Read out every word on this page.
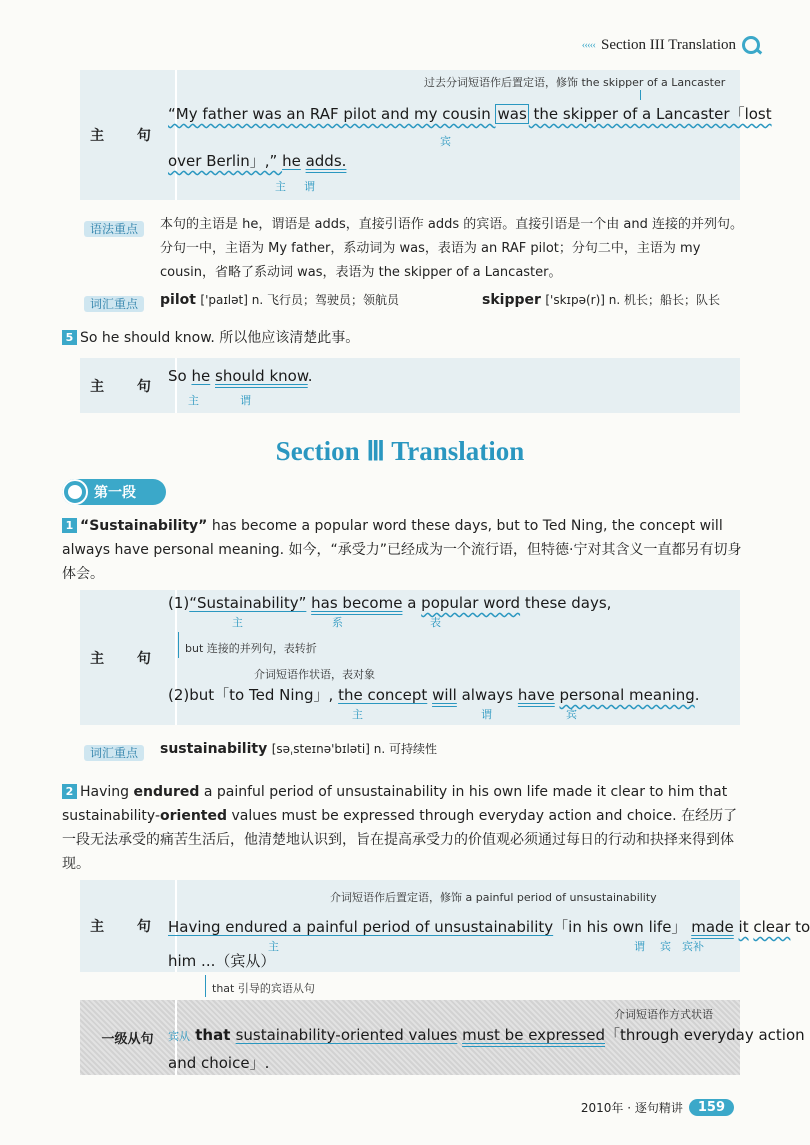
‹‹‹‹‹ Section III Translation
主 句
过去分词短语作后置定语，修饰 the skipper of a Lancaster
“My father was an RAF pilot and my cousin was the skipper of a Lancaster「lost
宾
over Berlin」,” he adds.
主 谓
语法重点	本句的主语是 he，谓语是 adds，直接引语作 adds 的宾语。直接引语是一个由 and 连接的并列句。分句一中，主语为 My father，系动词为 was，表语为 an RAF pilot；分句二中，主语为 my cousin，省略了系动词 was，表语为 the skipper of a Lancaster。
词汇重点	pilot ['paɪlət] n. 飞行员；驾驶员；领航员	skipper ['skɪpə(r)] n. 机长；船长；队长
5 So he should know. 所以他应该清楚此事。
主 句
So he should know.
主	谓
Section Ⅲ Translation
第一段
1 “Sustainability” has become a popular word these days, but to Ted Ning, the concept will always have personal meaning. 如今，“承受力”已经成为一个流行语，但特德·宁对其含义一直都另有切身体会。
主 句
(1)“Sustainability” has become a popular word these days,
主	系	表
but 连接的并列句，表转折
介词短语作状语，表对象
(2)but「to Ted Ning」, the concept will always have personal meaning.
主	谓	宾
词汇重点	sustainability [səˌsteɪnə'bɪləti] n. 可持续性
2 Having endured a painful period of unsustainability in his own life made it clear to him that sustainability-oriented values must be expressed through everyday action and choice. 在经历了一段无法承受的痛苦生活后，他清楚地认识到，旨在提高承受力的价值观必须通过每日的行动和抉择来得到体现。
主 句
介词短语作后置定语，修饰 a painful period of unsustainability
Having endured a painful period of unsustainability「in his own life」 made it clear to
主	谓 宾 宾补
him ...（宾从）
that 引导的宾语从句
一级从句
介词短语作方式状语
宾从 that sustainability-oriented values must be expressed「through everyday action
and choice」.
2010年 · 逐句精讲	159
